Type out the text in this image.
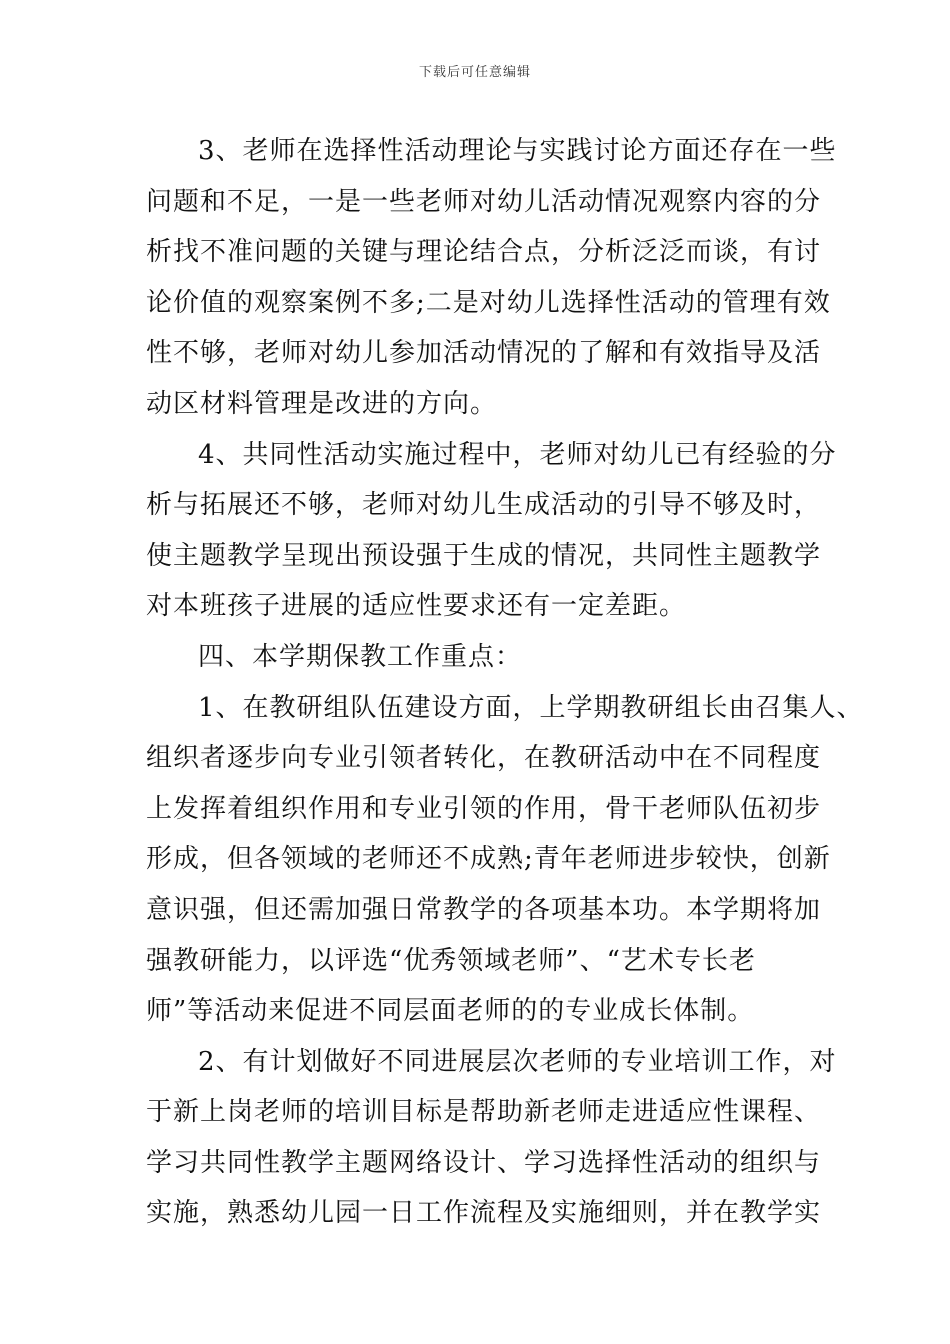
下载后可任意编辑
3、老师在选择性活动理论与实践讨论方面还存在一些
问题和不足，一是一些老师对幼儿活动情况观察内容的分
析找不准问题的关键与理论结合点，分析泛泛而谈，有讨
论价值的观察案例不多;二是对幼儿选择性活动的管理有效
性不够，老师对幼儿参加活动情况的了解和有效指导及活
动区材料管理是改进的方向。
4、共同性活动实施过程中，老师对幼儿已有经验的分
析与拓展还不够，老师对幼儿生成活动的引导不够及时，
使主题教学呈现出预设强于生成的情况，共同性主题教学
对本班孩子进展的适应性要求还有一定差距。
四、本学期保教工作重点：
1、在教研组队伍建设方面，上学期教研组长由召集人、
组织者逐步向专业引领者转化，在教研活动中在不同程度
上发挥着组织作用和专业引领的作用，骨干老师队伍初步
形成，但各领域的老师还不成熟;青年老师进步较快，创新
意识强，但还需加强日常教学的各项基本功。本学期将加
强教研能力，以评选“优秀领域老师”、“艺术专长老
师”等活动来促进不同层面老师的的专业成长体制。
2、有计划做好不同进展层次老师的专业培训工作，对
于新上岗老师的培训目标是帮助新老师走进适应性课程、
学习共同性教学主题网络设计、学习选择性活动的组织与
实施，熟悉幼儿园一日工作流程及实施细则，并在教学实
